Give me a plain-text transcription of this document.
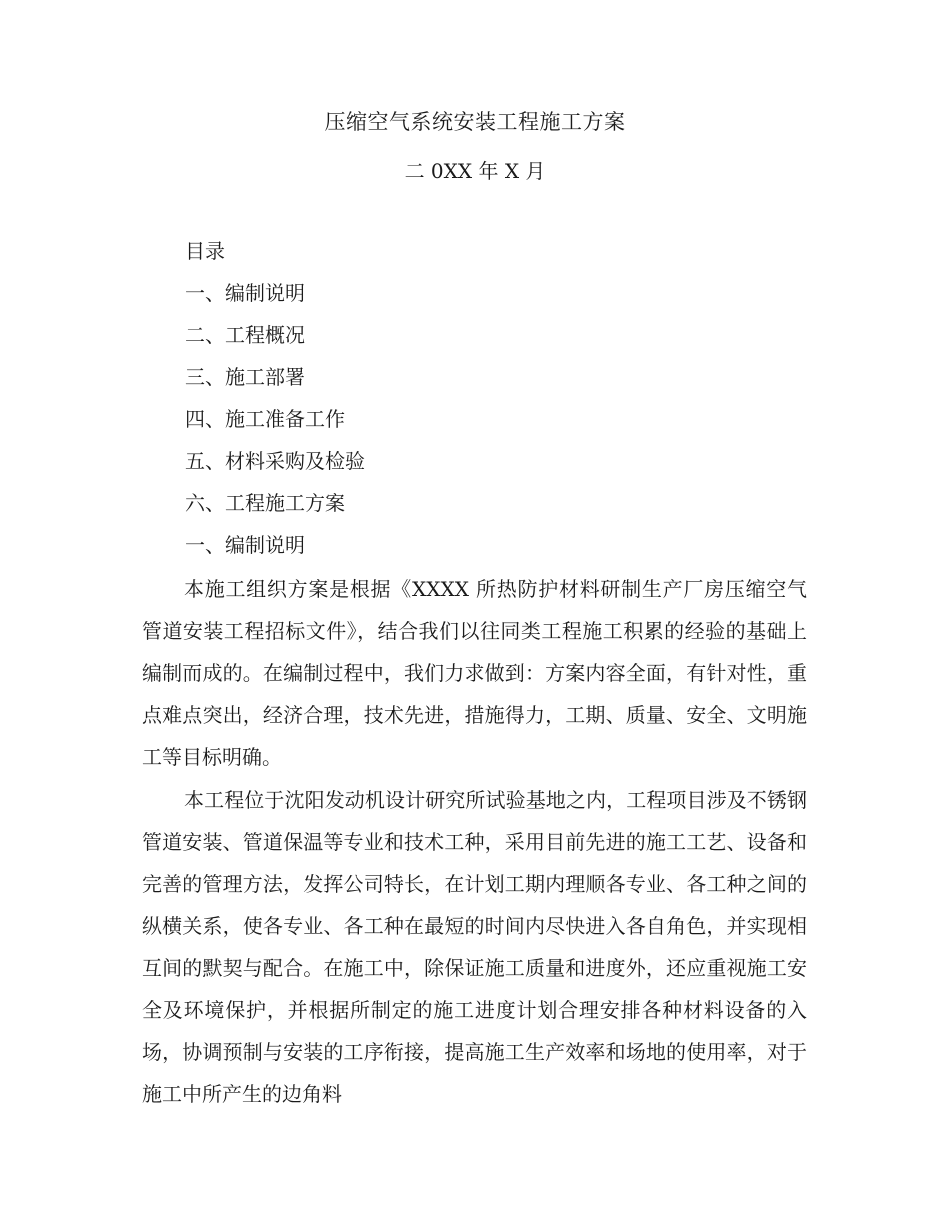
压缩空气系统安装工程施工方案
二 0XX 年 X 月
目录
一、编制说明
二、工程概况
三、施工部署
四、施工准备工作
五、材料采购及检验
六、工程施工方案
一、编制说明

本施工组织方案是根据《XXXX 所热防护材料研制生产厂房压缩空气管道安装工程招标文件》，结合我们以往同类工程施工积累的经验的基础上编制而成的。在编制过程中，我们力求做到：方案内容全面，有针对性，重点难点突出，经济合理，技术先进，措施得力，工期、质量、安全、文明施工等目标明确。

本工程位于沈阳发动机设计研究所试验基地之内，工程项目涉及不锈钢管道安装、管道保温等专业和技术工种，采用目前先进的施工工艺、设备和完善的管理方法，发挥公司特长，在计划工期内理顺各专业、各工种之间的纵横关系，使各专业、各工种在最短的时间内尽快进入各自角色，并实现相互间的默契与配合。在施工中，除保证施工质量和进度外，还应重视施工安全及环境保护，并根据所制定的施工进度计划合理安排各种材料设备的入场，协调预制与安装的工序衔接，提高施工生产效率和场地的使用率，对于施工中所产生的边角料
